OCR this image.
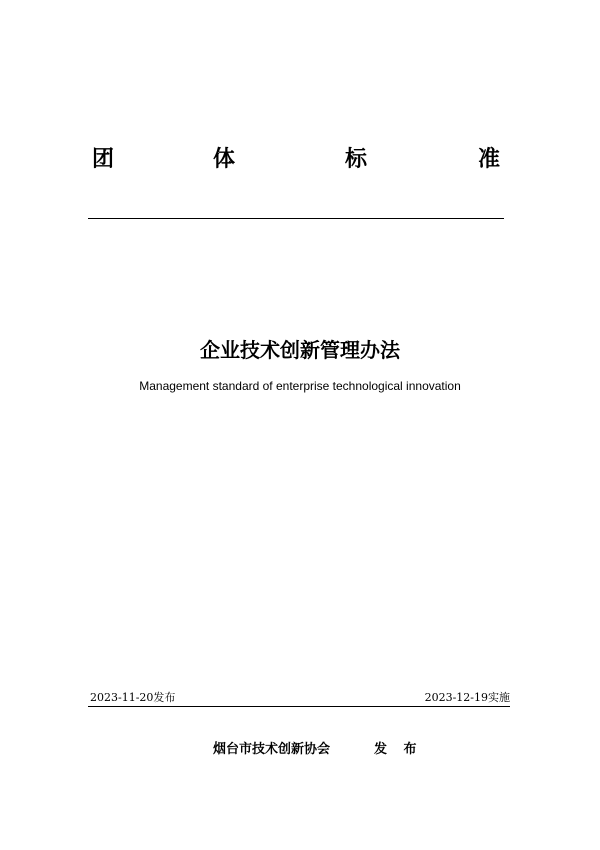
团	体	标	准
企业技术创新管理办法
Management standard of enterprise technological innovation
2023-11-20发布	2023-12-19实施
烟台市技术创新协会	发 布
